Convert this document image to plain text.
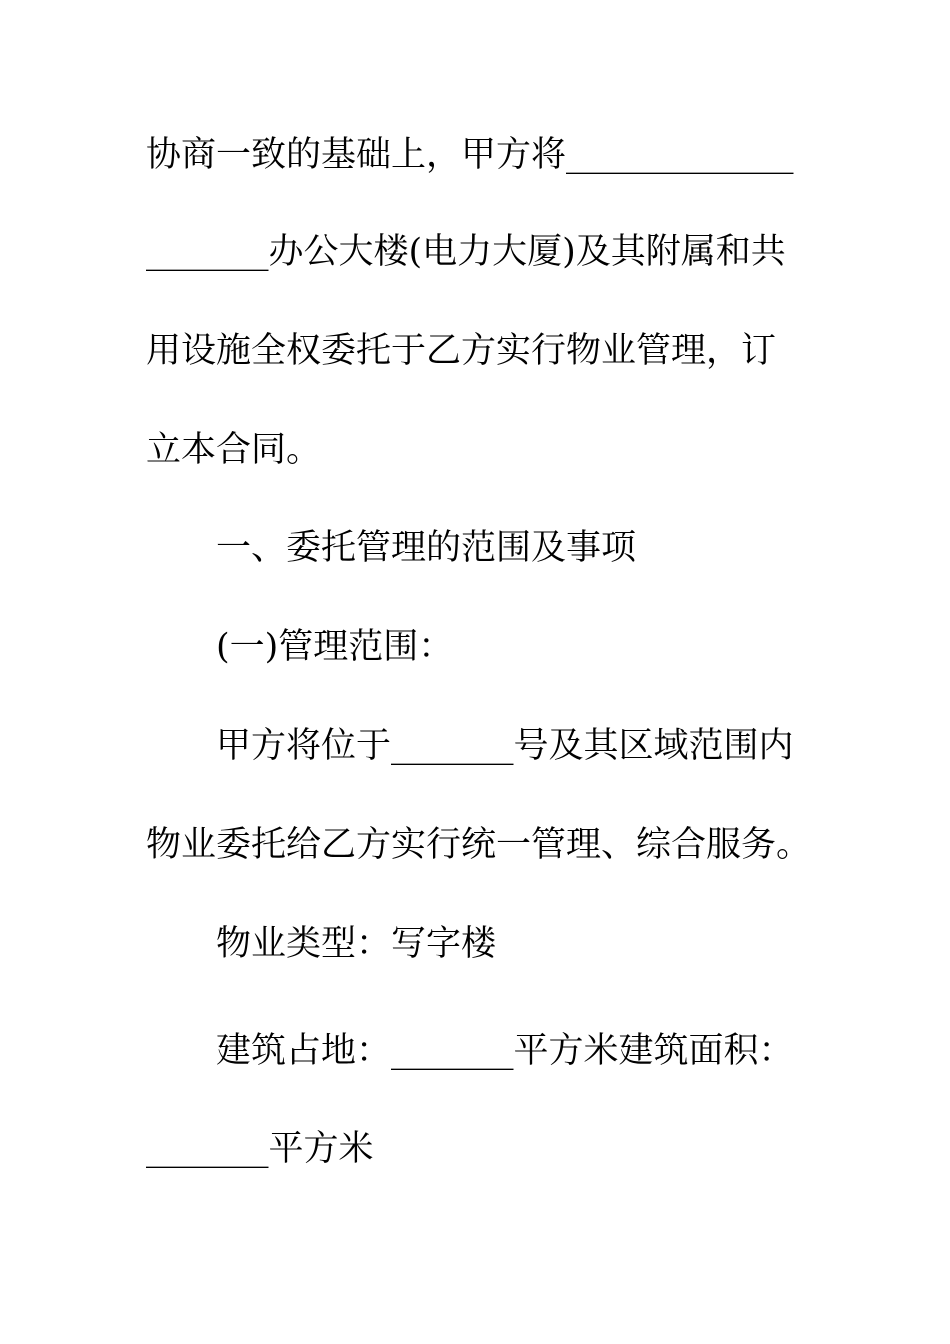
协商一致的基础上，甲方将_____________
_______办公大楼(电力大厦)及其附属和共
用设施全权委托于乙方实行物业管理，订
立本合同。
一、委托管理的范围及事项
(一)管理范围：
甲方将位于_______号及其区域范围内
物业委托给乙方实行统一管理、综合服务。
物业类型：写字楼
建筑占地：_______平方米建筑面积：
_______平方米
